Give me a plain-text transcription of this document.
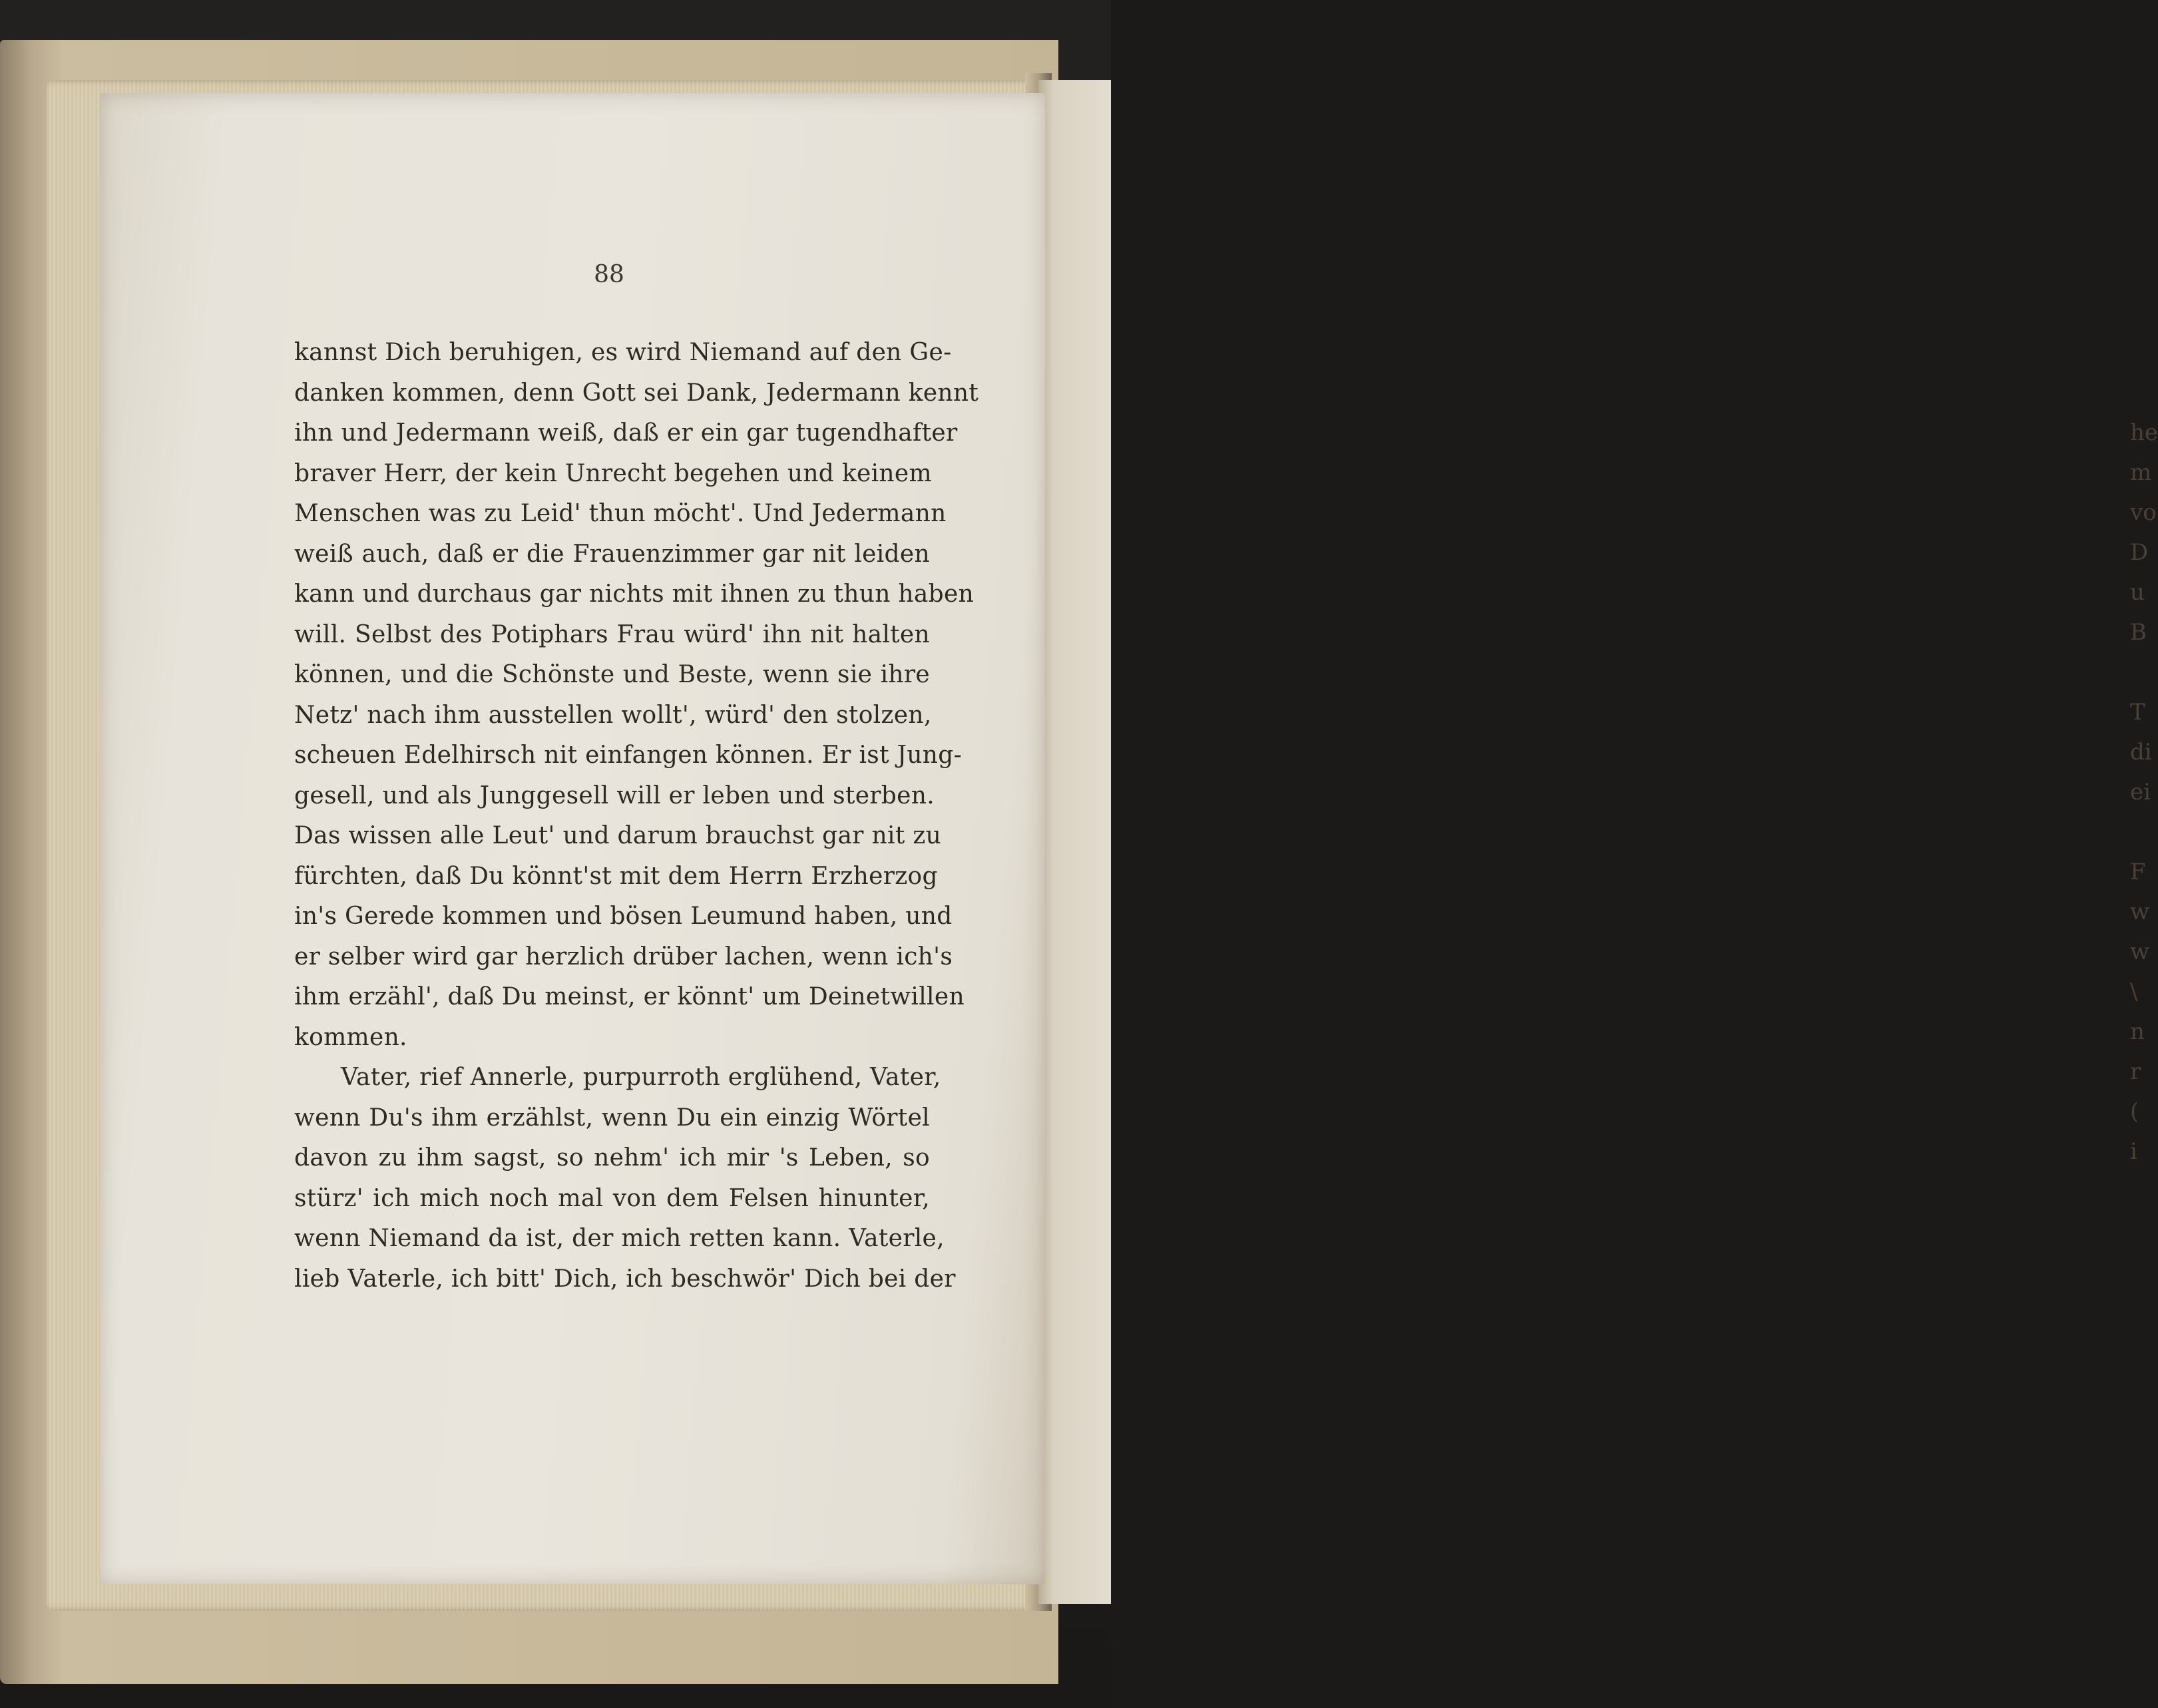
he
m
vo
D
u
B

T
di
ei

F
w
w
\
n
r
(
i
88
kannst Dich beruhigen, es wird Niemand auf den Ge-
danken kommen, denn Gott sei Dank, Jedermann kennt
ihn und Jedermann weiß, daß er ein gar tugendhafter
braver Herr, der kein Unrecht begehen und keinem
Menschen was zu Leid' thun möcht'. Und Jedermann
weiß auch, daß er die Frauenzimmer gar nit leiden
kann und durchaus gar nichts mit ihnen zu thun haben
will. Selbst des Potiphars Frau würd' ihn nit halten
können, und die Schönste und Beste, wenn sie ihre
Netz' nach ihm ausstellen wollt', würd' den stolzen,
scheuen Edelhirsch nit einfangen können. Er ist Jung-
gesell, und als Junggesell will er leben und sterben.
Das wissen alle Leut' und darum brauchst gar nit zu
fürchten, daß Du könnt'st mit dem Herrn Erzherzog
in's Gerede kommen und bösen Leumund haben, und
er selber wird gar herzlich drüber lachen, wenn ich's
ihm erzähl', daß Du meinst, er könnt' um Deinetwillen
kommen.
Vater, rief Annerle, purpurroth erglühend, Vater,
wenn Du's ihm erzählst, wenn Du ein einzig Wörtel
davon zu ihm sagst, so nehm' ich mir 's Leben, so
stürz' ich mich noch mal von dem Felsen hinunter,
wenn Niemand da ist, der mich retten kann. Vaterle,
lieb Vaterle, ich bitt' Dich, ich beschwör' Dich bei der
